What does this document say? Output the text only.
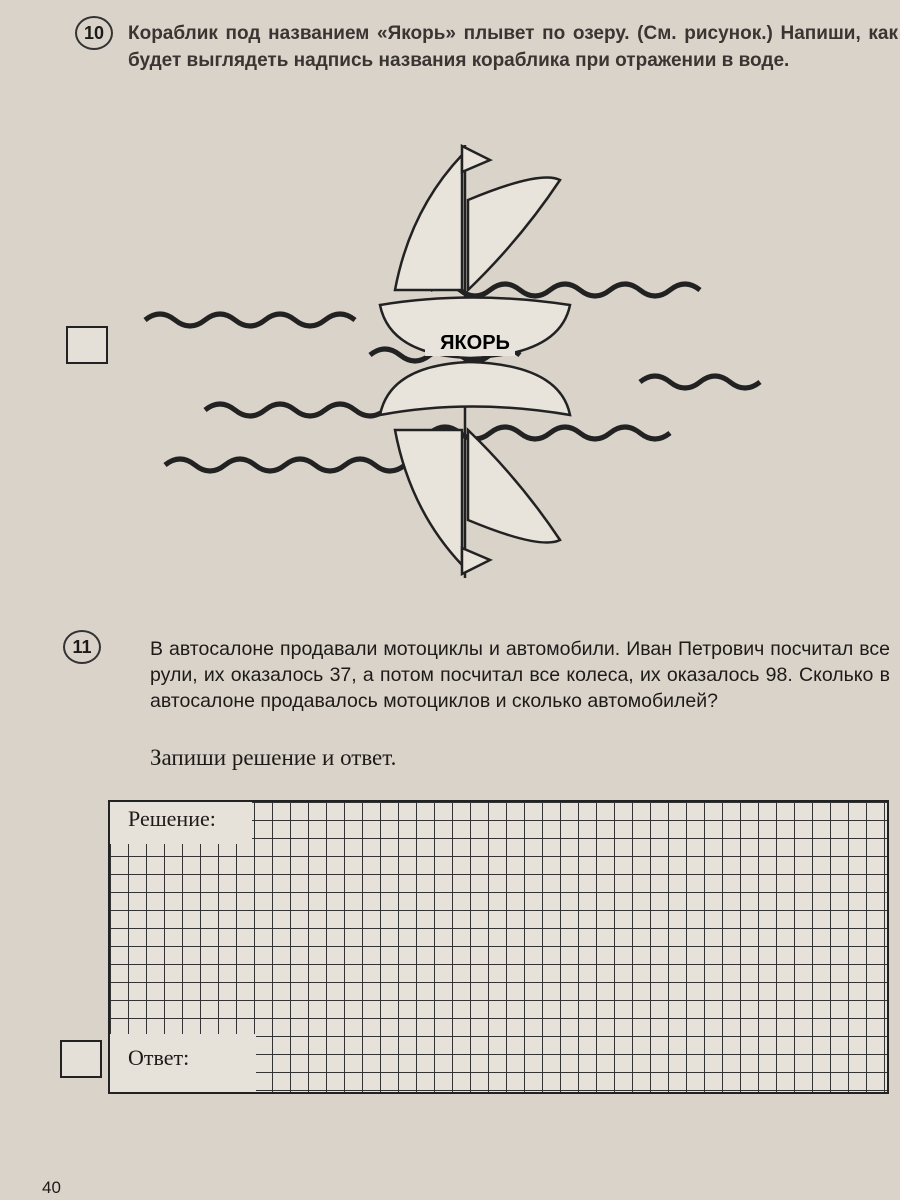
10	Кораблик под названием «Якорь» плывет по озеру. (См. рисунок.) Напиши, как будет выглядеть надпись названия кораблика при отражении в воде.
ЯКОРЬ
11	В автосалоне продавали мотоциклы и автомобили. Иван Петрович посчитал все рули, их оказалось 37, а потом посчитал все колеса, их оказалось 98. Сколько в автосалоне продавалось мотоциклов и сколько автомобилей?
Запиши решение и ответ.
Решение:
Ответ:
40
